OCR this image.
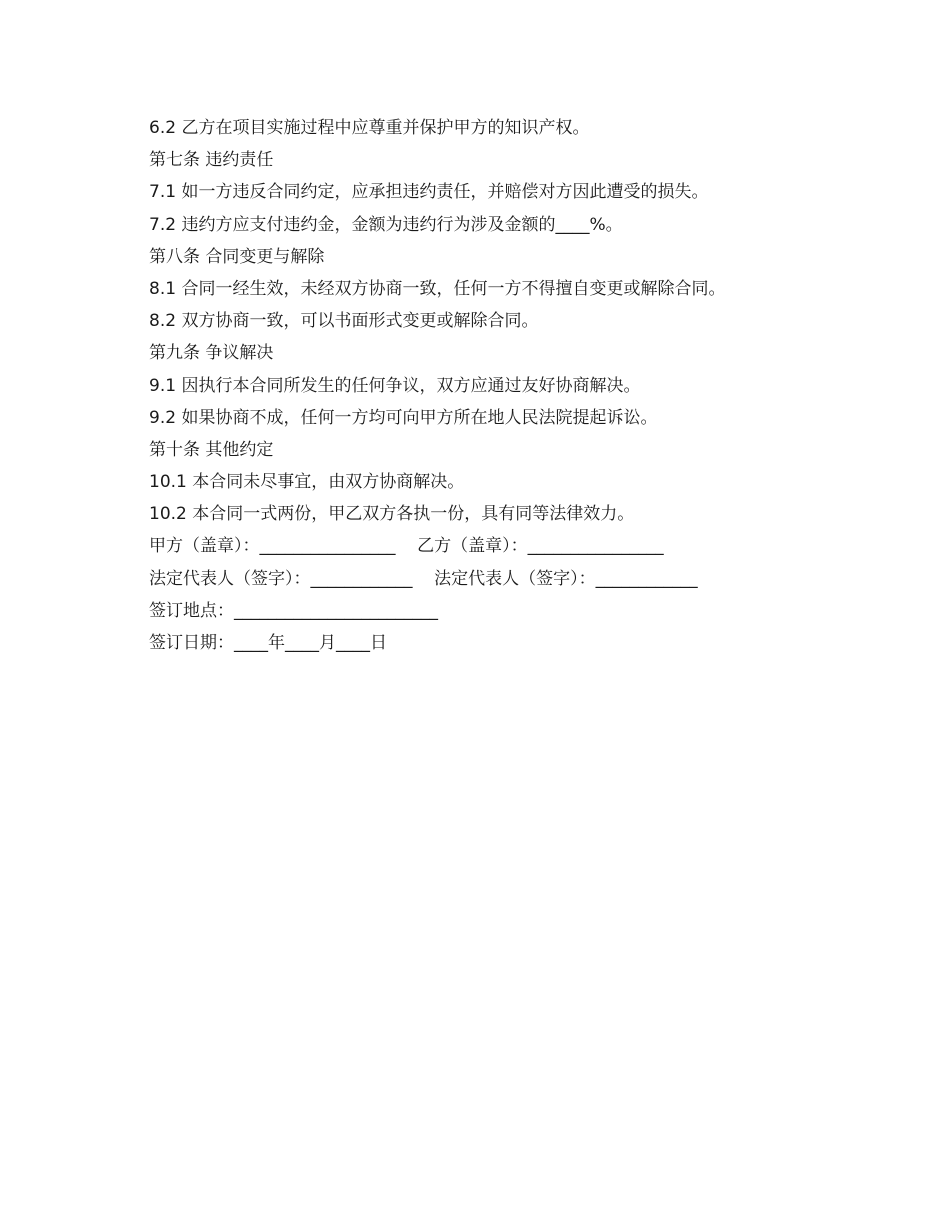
6.2 乙方在项目实施过程中应尊重并保护甲方的知识产权。
第七条 违约责任
7.1 如一方违反合同约定，应承担违约责任，并赔偿对方因此遭受的损失。
7.2 违约方应支付违约金，金额为违约行为涉及金额的____%。
第八条 合同变更与解除
8.1 合同一经生效，未经双方协商一致，任何一方不得擅自变更或解除合同。
8.2 双方协商一致，可以书面形式变更或解除合同。
第九条 争议解决
9.1 因执行本合同所发生的任何争议，双方应通过友好协商解决。
9.2 如果协商不成，任何一方均可向甲方所在地人民法院提起诉讼。
第十条 其他约定
10.1 本合同未尽事宜，由双方协商解决。
10.2 本合同一式两份，甲乙双方各执一份，具有同等法律效力。
甲方（盖章）：________________    乙方（盖章）：________________
法定代表人（签字）：____________    法定代表人（签字）：____________
签订地点：________________________
签订日期：____年____月____日
